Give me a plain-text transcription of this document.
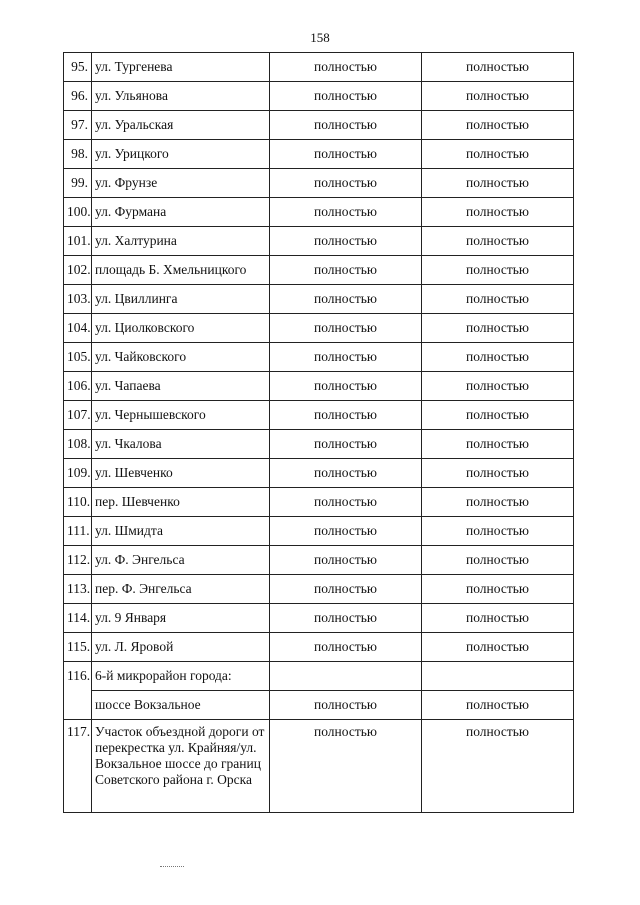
158
95.	ул. Тургенева	полностью	полностью
96.	ул. Ульянова	полностью	полностью
97.	ул. Уральская	полностью	полностью
98.	ул. Урицкого	полностью	полностью
99.	ул. Фрунзе	полностью	полностью
100.	ул. Фурмана	полностью	полностью
101.	ул. Халтурина	полностью	полностью
102.	площадь Б. Хмельницкого	полностью	полностью
103.	ул. Цвиллинга	полностью	полностью
104.	ул. Циолковского	полностью	полностью
105.	ул. Чайковского	полностью	полностью
106.	ул. Чапаева	полностью	полностью
107.	ул. Чернышевского	полностью	полностью
108.	ул. Чкалова	полностью	полностью
109.	ул. Шевченко	полностью	полностью
110.	пер. Шевченко	полностью	полностью
111.	ул. Шмидта	полностью	полностью
112.	ул. Ф. Энгельса	полностью	полностью
113.	пер. Ф. Энгельса	полностью	полностью
114.	ул. 9 Января	полностью	полностью
115.	ул. Л. Яровой	полностью	полностью
116.	6-й микрорайон города:		
	шоссе Вокзальное	полностью	полностью
117.	Участок объездной дороги от перекрестка ул. Крайняя/ул. Вокзальное шоссе до границ Советского района г. Орска	полностью	полностью
